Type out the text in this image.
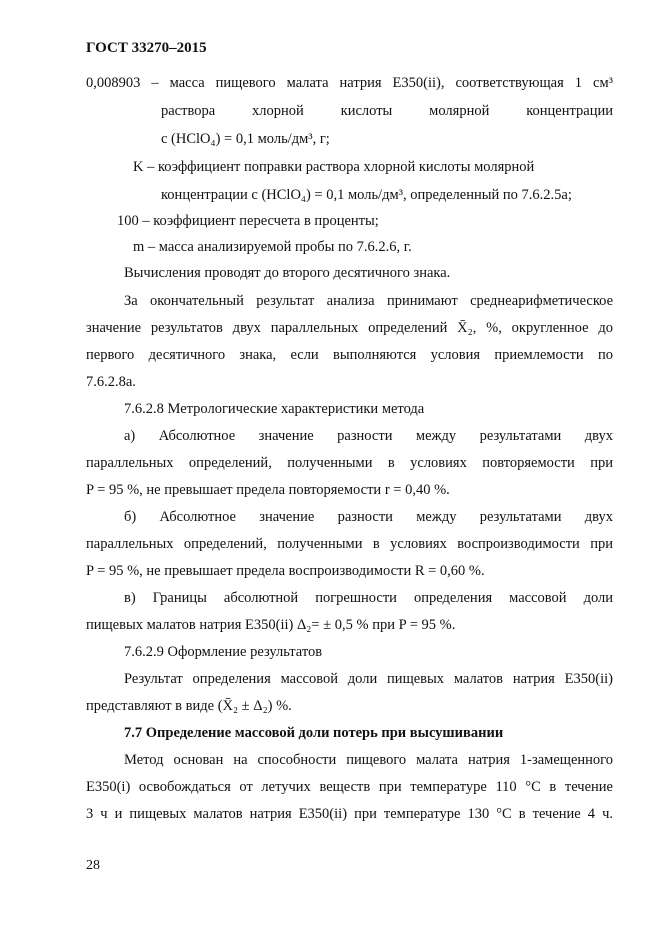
ГОСТ 33270–2015
0,008903 – масса пищевого малата натрия Е350(ii), соответствующая 1 см³
раствора хлорной кислоты молярной концентрации
c (HClO₄) = 0,1 моль/дм³, г;
K – коэффициент поправки раствора хлорной кислоты молярной
концентрации c (HClO₄) = 0,1 моль/дм³, определенный по 7.6.2.5а;
100 – коэффициент пересчета в проценты;
m – масса анализируемой пробы по 7.6.2.6, г.
Вычисления проводят до второго десятичного знака.
За окончательный результат анализа принимают среднеарифметическое
значение результатов двух параллельных определений X̄₂, %, округленное до
первого десятичного знака, если выполняются условия приемлемости по
7.6.2.8а.
7.6.2.8 Метрологические характеристики метода
а) Абсолютное значение разности между результатами двух
параллельных определений, полученными в условиях повторяемости при
P = 95 %, не превышает предела повторяемости r = 0,40 %.
б) Абсолютное значение разности между результатами двух
параллельных определений, полученными в условиях воспроизводимости при
P = 95 %, не превышает предела воспроизводимости R = 0,60 %.
в) Границы абсолютной погрешности определения массовой доли
пищевых малатов натрия Е350(ii) Δ₂= ± 0,5 % при P = 95 %.
7.6.2.9 Оформление результатов
Результат определения массовой доли пищевых малатов натрия Е350(ii)
представляют в виде (X̄₂ ± Δ₂) %.
7.7 Определение массовой доли потерь при высушивании
Метод основан на способности пищевого малата натрия 1-замещенного
Е350(i) освобождаться от летучих веществ при температуре 110 °С в течение
3 ч и пищевых малатов натрия Е350(ii) при температуре 130 °С в течение 4 ч.
28
